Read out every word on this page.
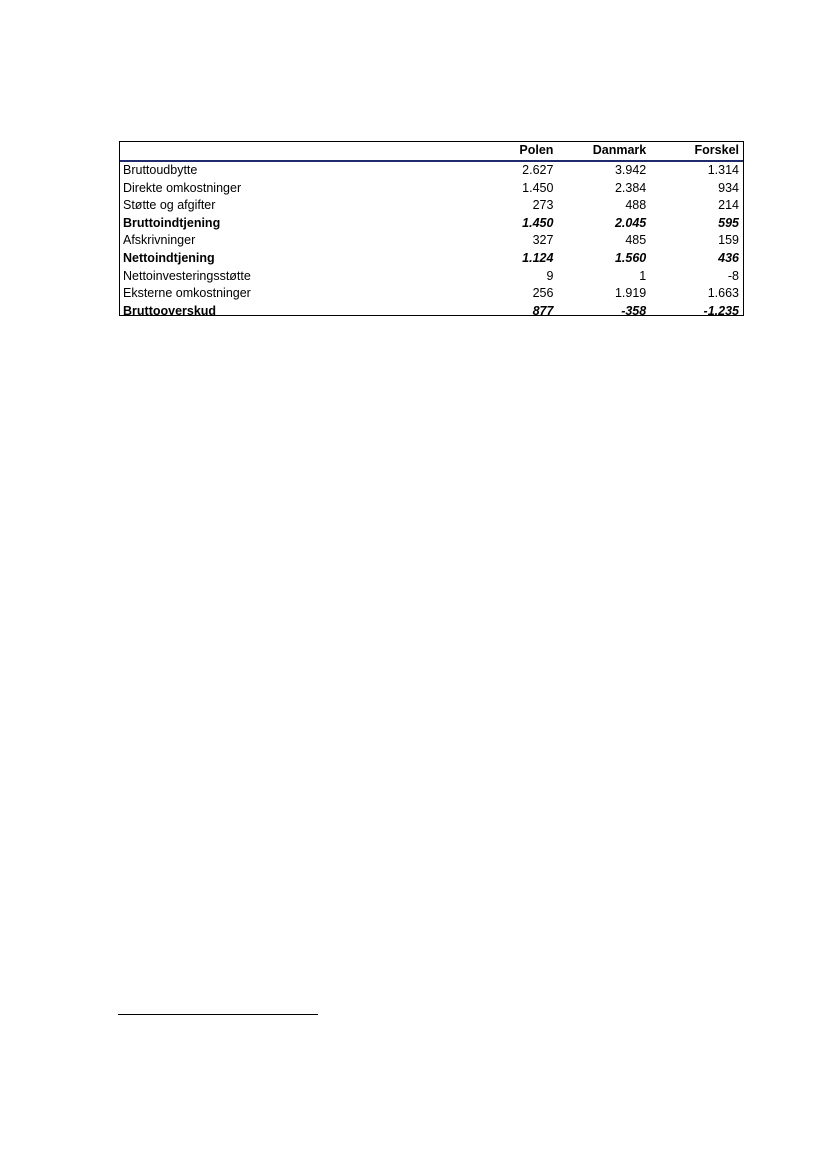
	Polen	Danmark	Forskel
Bruttoudbytte	2.627	3.942	1.314
Direkte omkostninger	1.450	2.384	934
Støtte og afgifter	273	488	214
Bruttoindtjening	1.450	2.045	595
Afskrivninger	327	485	159
Nettoindtjening	1.124	1.560	436
Nettoinvesteringsstøtte	9	1	-8
Eksterne omkostninger	256	1.919	1.663
Bruttooverskud	877	-358	-1.235
